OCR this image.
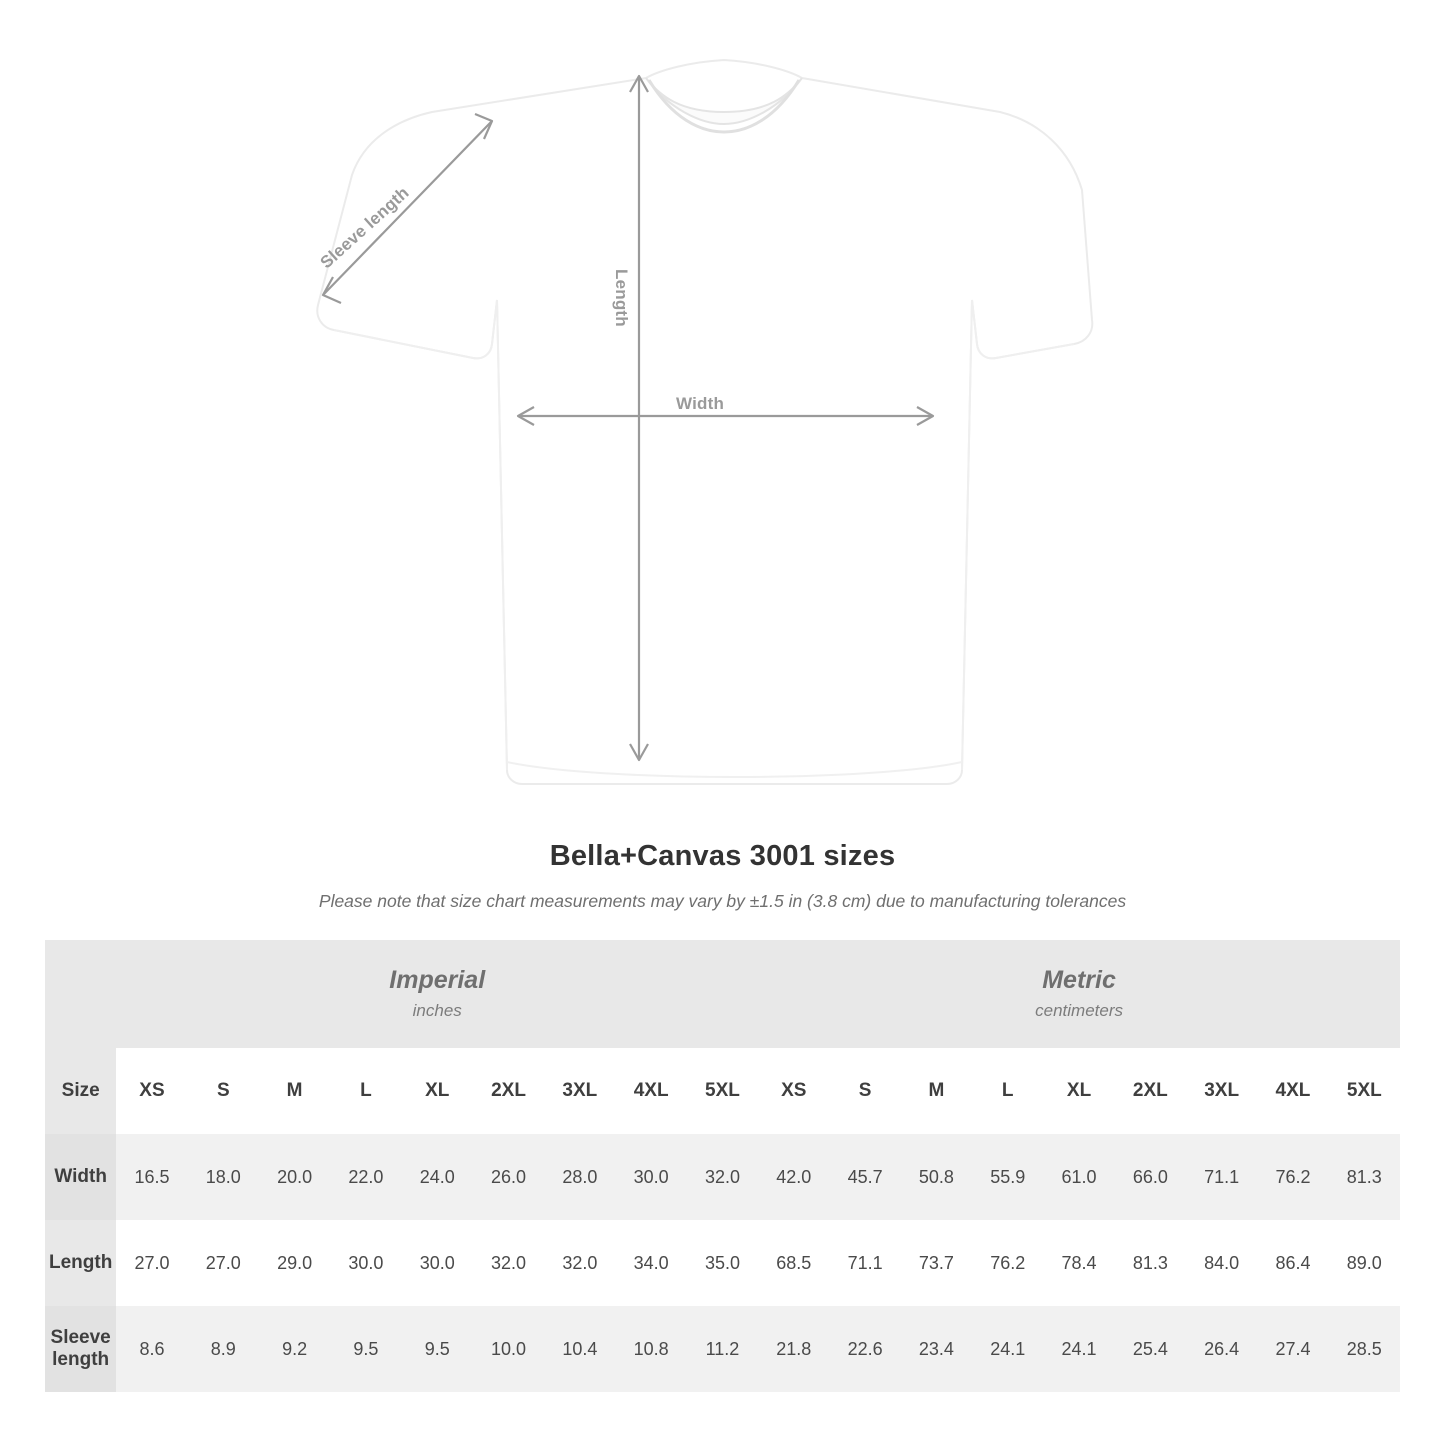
Width
Length
Sleeve length
Bella+Canvas 3001 sizes
Please note that size chart measurements may vary by ±1.5 in (3.8 cm) due to manufacturing tolerances

Imperial
inches

Metric
centimeters

Size	XS	S	M	L	XL	2XL	3XL	4XL	5XL	XS	S	M	L	XL	2XL	3XL	4XL	5XL
Width	16.5	18.0	20.0	22.0	24.0	26.0	28.0	30.0	32.0	42.0	45.7	50.8	55.9	61.0	66.0	71.1	76.2	81.3
Length	27.0	27.0	29.0	30.0	30.0	32.0	32.0	34.0	35.0	68.5	71.1	73.7	76.2	78.4	81.3	84.0	86.4	89.0
Sleeve length	8.6	8.9	9.2	9.5	9.5	10.0	10.4	10.8	11.2	21.8	22.6	23.4	24.1	24.1	25.4	26.4	27.4	28.5
